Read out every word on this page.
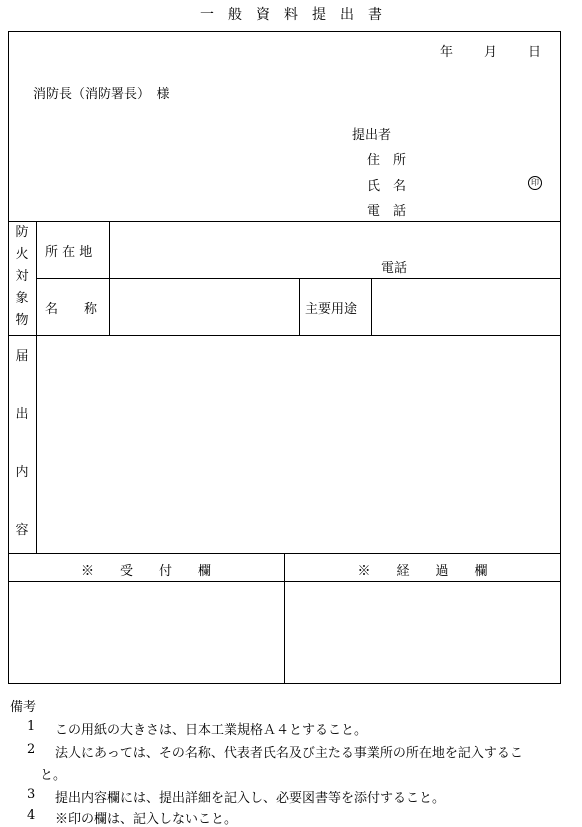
一　般　資　料　提　出　書
年 月 日
消防長（消防署長）　様
提出者
住　所
氏　名	印
電　話
防
火
対
象
物
所 在 地
電話
名　　称	主要用途
届
出
内
容
※　　受　　付　　欄	※　　経　　過　　欄
備考
1 この用紙の大きさは、日本工業規格Ａ４とすること。
2 法人にあっては、その名称、代表者氏名及び主たる事業所の所在地を記入するこ
と。
3 提出内容欄には、提出詳細を記入し、必要図書等を添付すること。
4 ※印の欄は、記入しないこと。
